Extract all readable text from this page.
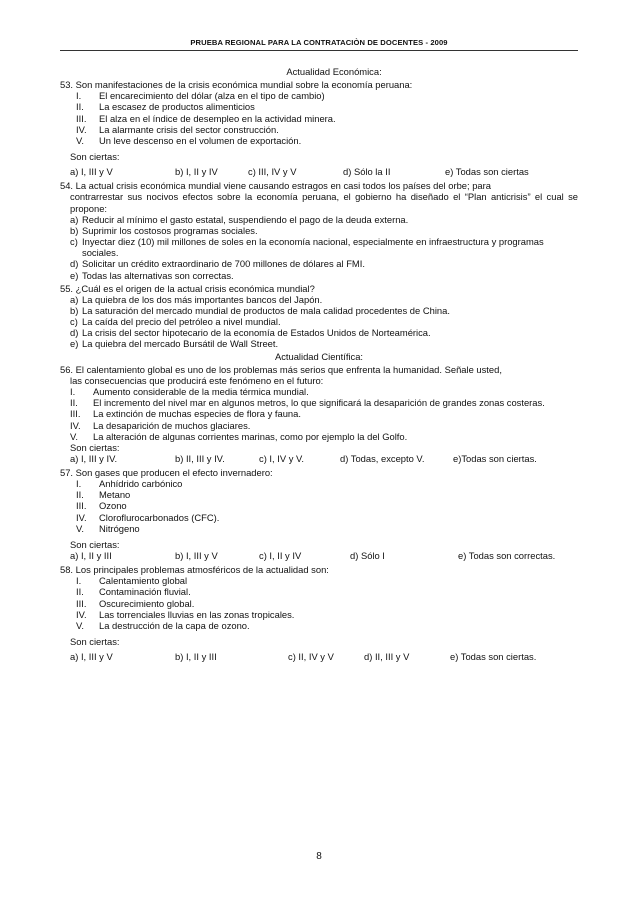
PRUEBA REGIONAL PARA LA CONTRATACIÒN DE DOCENTES - 2009
Actualidad Económica:
53. Son manifestaciones de la crisis económica mundial sobre la economía peruana:
I. El encarecimiento del dólar (alza en el tipo de cambio)
II. La escasez de productos alimenticios
III. El alza en el índice de desempleo en la actividad minera.
IV. La alarmante crisis del sector construcción.
V. Un leve descenso en el volumen de exportación.
Son ciertas:
a) I, III y V	b) I, II y IV	c) III, IV y V	d) Sólo la II	e) Todas son ciertas
54. La actual crisis económica mundial viene causando estragos en casi todos los países del orbe; para
contrarrestar sus nocivos efectos sobre la economía peruana, el gobierno ha diseñado el “Plan anticrisis” el cual se propone:
a) Reducir al mínimo el gasto estatal, suspendiendo el pago de la deuda externa.
b) Suprimir los costosos programas sociales.
c) Inyectar diez (10) mil millones de soles en la economía nacional, especialmente en infraestructura y programas sociales.
d) Solicitar un crédito extraordinario de 700 millones de dólares al FMI.
e) Todas las alternativas son correctas.
55. ¿Cuál es el origen de la actual crisis económica mundial?
a) La quiebra de los dos más importantes bancos del Japón.
b) La saturación del mercado mundial de productos de mala calidad procedentes de China.
c) La caída del precio del petróleo a nivel mundial.
d) La crisis del sector hipotecario de la economía de Estados Unidos de Norteamérica.
e) La quiebra del mercado Bursátil de Wall Street.
Actualidad Científica:
56. El calentamiento global es uno de los problemas más serios que enfrenta la humanidad. Señale usted,
las consecuencias que producirá este fenómeno en el futuro:
I. Aumento considerable de la media térmica mundial.
II. El incremento del nivel mar en algunos metros, lo que significará la desaparición de grandes zonas costeras.
III. La extinción de muchas especies de flora y fauna.
IV. La desaparición de muchos glaciares.
V. La alteración de algunas corrientes marinas, como por ejemplo la del Golfo.
Son ciertas:
a) I, III y IV.	b) II, III y IV.	c) I, IV y V.	d) Todas, excepto V.	e)Todas son ciertas.
57. Son gases que producen el efecto invernadero:
I. Anhídrido carbónico
II. Metano
III. Ozono
IV. Cloroflurocarbonados (CFC).
V. Nitrógeno
Son ciertas:
a) I, II y III	b) I, III y V	c) I, II y IV	d) Sólo I	e) Todas son correctas.
58. Los principales problemas atmosféricos de la actualidad son:
I. Calentamiento global
II. Contaminación fluvial.
III. Oscurecimiento global.
IV. Las torrenciales lluvias en las zonas tropicales.
V. La destrucción de la capa de ozono.
Son ciertas:
a) I, III y V	b) I, II y III	c) II, IV y V	d) II, III y V	e) Todas son ciertas.
8
